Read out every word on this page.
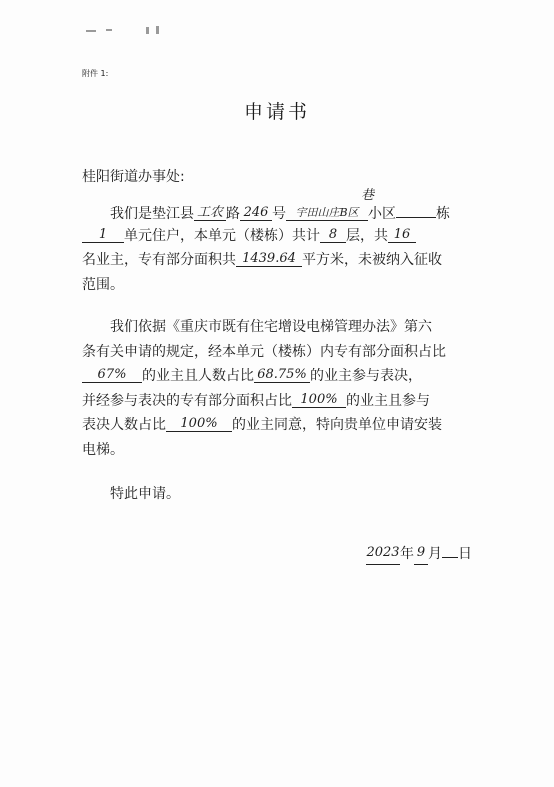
附件 1:
申请书
桂阳街道办事处:
我们是垫江县 工农 路 246 号 宇田山庄B区
巷
小区	栋
1 单元住户，本单元（楼栋）共计 8 层，共 16
名业主，专有部分面积共 1439.64 平方米，未被纳入征收
范围。
我们依据《重庆市既有住宅增设电梯管理办法》第六
条有关申请的规定，经本单元（楼栋）内专有部分面积占比
67% 的业主且人数占比 68.75% 的业主参与表决，
并经参与表决的专有部分面积占比 100% 的业主且参与
表决人数占比 100% 的业主同意，特向贵单位申请安装
电梯。
特此申请。
2023年 9 月 日
